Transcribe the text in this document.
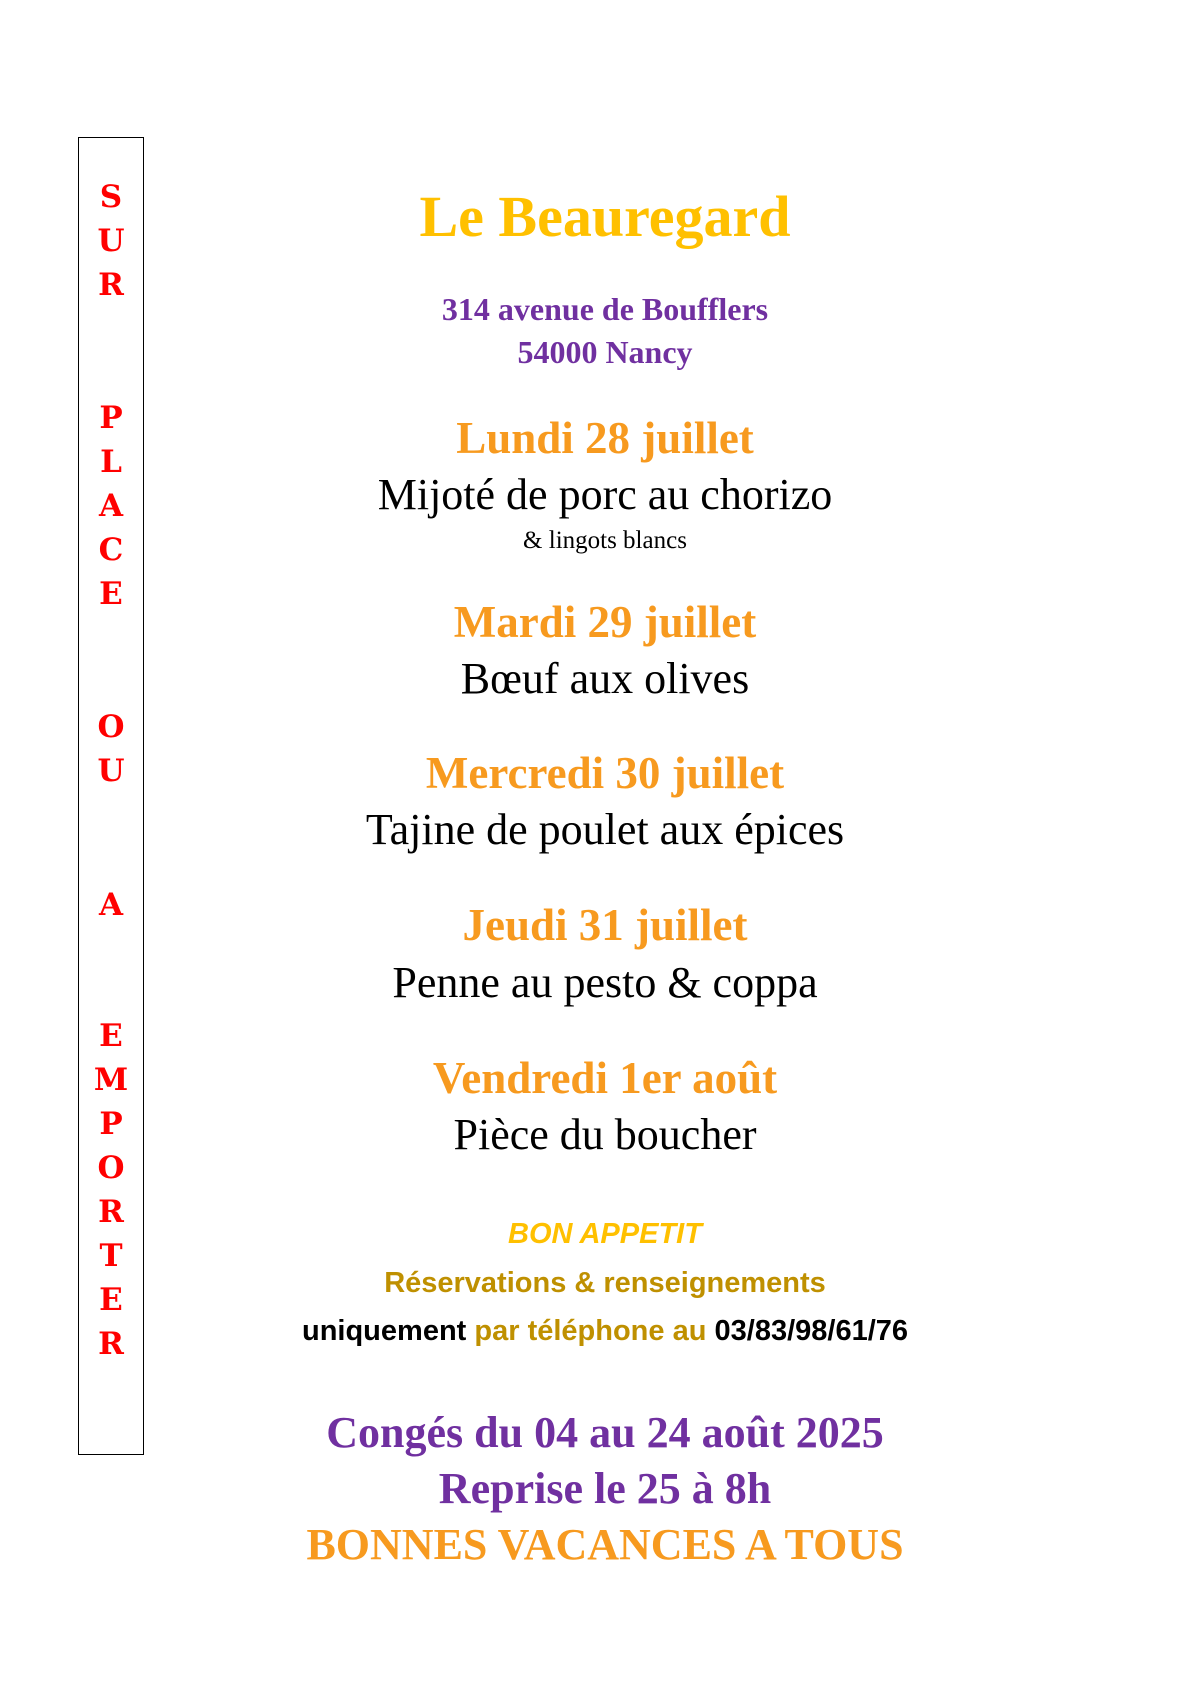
S
U
R
P
L
A
C
E
O
U
A
E
M
P
O
R
T
E
R
Le Beauregard
314 avenue de Boufflers
54000 Nancy
Lundi 28 juillet
Mijoté de porc au chorizo
& lingots blancs
Mardi 29 juillet
Bœuf aux olives
Mercredi 30 juillet
Tajine de poulet aux épices
Jeudi 31 juillet
Penne au pesto & coppa
Vendredi 1er août
Pièce du boucher
BON APPETIT
Réservations & renseignements
uniquement par téléphone au 03/83/98/61/76
Congés du 04 au 24 août 2025
Reprise le 25 à 8h
BONNES VACANCES A TOUS
